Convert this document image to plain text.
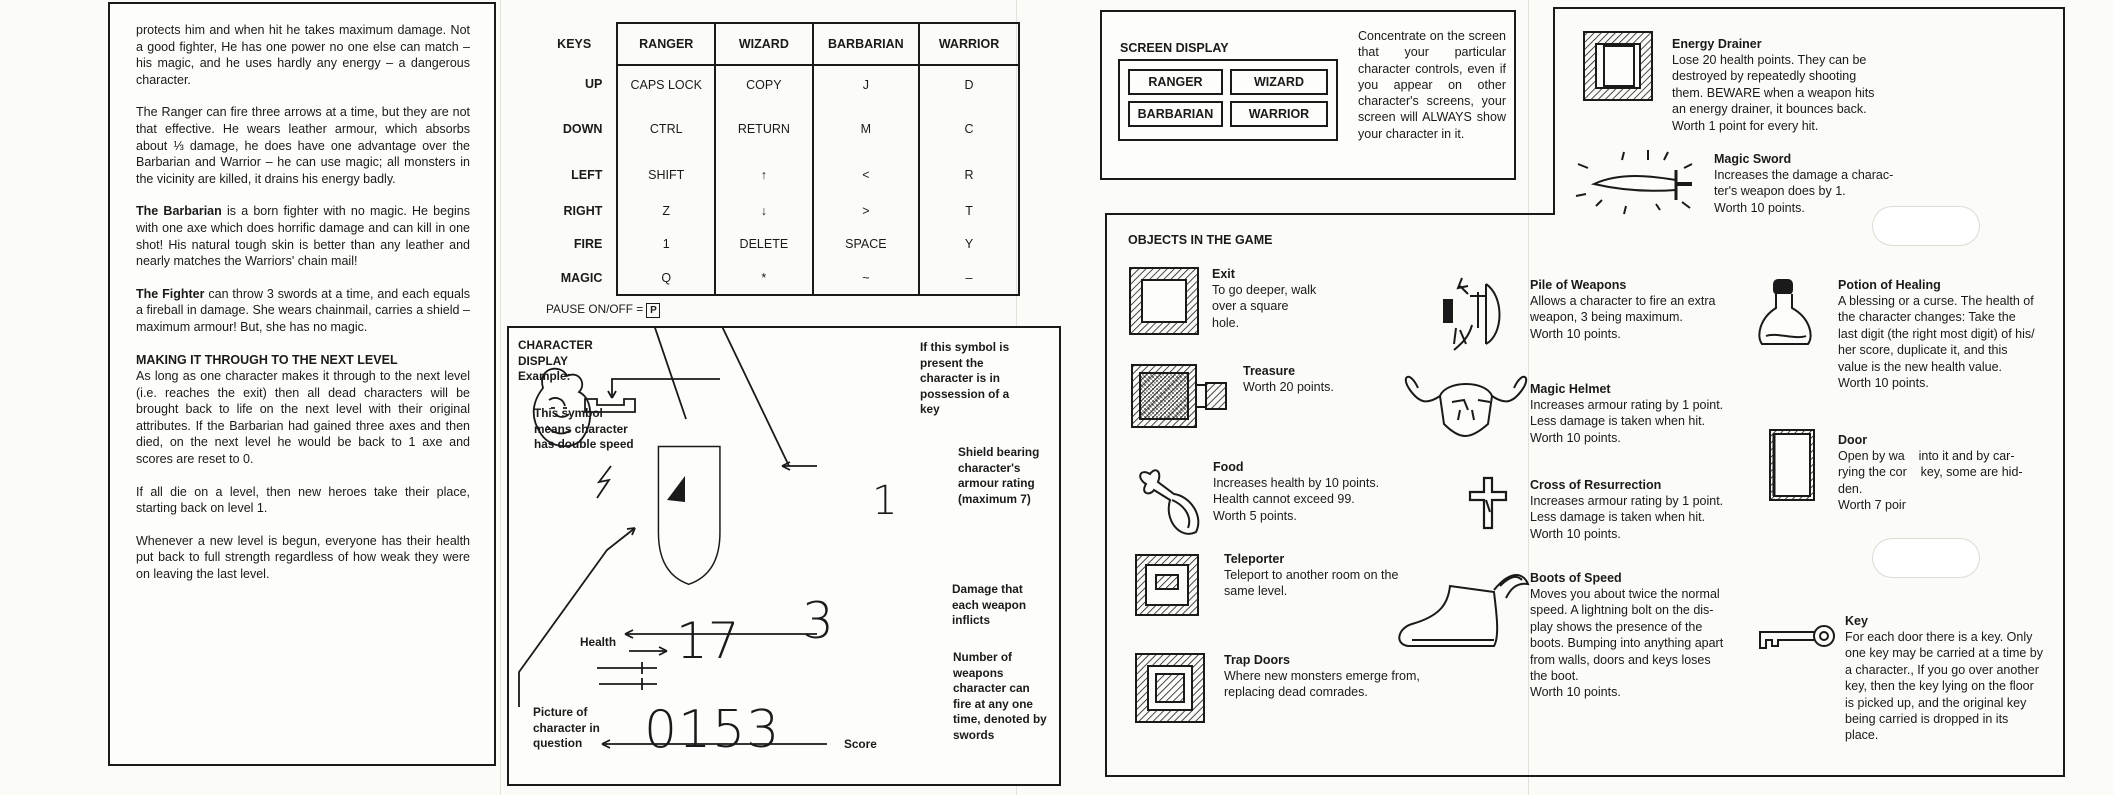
protects him and when hit he takes maximum damage. Not a good fighter, He has one power no one else can match – his magic, and he uses hardly any energy – a dangerous character.

The Ranger can fire three arrows at a time, but they are not that effective. He wears leather armour, which absorbs about ⅓ damage, he does have one advantage over the Barbarian and Warrior – he can use magic; all monsters in the vicinity are killed, it drains his energy badly.

The Barbarian is a born fighter with no magic. He begins with one axe which does horrific damage and can kill in one shot! His natural tough skin is better than any leather and nearly matches the Warriors' chain mail!

The Fighter can throw 3 swords at a time, and each equals a fireball in damage. She wears chainmail, carries a shield – maximum armour! But, she has no magic.

MAKING IT THROUGH TO THE NEXT LEVEL

As long as one character makes it through to the next level (i.e. reaches the exit) then all dead characters will be brought back to life on the next level with their original attributes. If the Barbarian had gained three axes and then died, on the next level he would be back to 1 axe and scores are reset to 0.

If all die on a level, then new heroes take their place, starting back on level 1.

Whenever a new level is begun, everyone has their health put back to full strength regardless of how weak they were on leaving the last level.

KEYS	RANGER	WIZARD	BARBARIAN	WARRIOR
UP	CAPS LOCK	COPY	J	D
DOWN	CTRL	RETURN	M	C
LEFT	SHIFT	↑	<	R
RIGHT	Z	↓	>	T
FIRE	1	DELETE	SPACE	Y
MAGIC	Q	*	~	–
PAUSE ON/OFF = P
CHARACTER
DISPLAY
Example:
This symbol
means character
has double speed
If this symbol is
present the
character is in
possession of a
key
Shield bearing
character's
armour rating
(maximum 7)
Damage that
each weapon
inflicts
Health
Number of
weapons
character can
fire at any one
time, denoted by
swords
Picture of
character in
question	Score
17 3
0153
1
SCREEN DISPLAY
RANGER	WIZARD
BARBARIAN	WARRIOR
Concentrate on the screen that your particular character controls, even if you appear on other character's screens, your screen will ALWAYS show your character in it.
OBJECTS IN THE GAME
Exit
To go deeper, walk
over a square
hole.
Treasure
Worth 20 points.
Food
Increases health by 10 points.
Health cannot exceed 99.
Worth 5 points.
Teleporter
Teleport to another room on the
same level.
Trap Doors
Where new monsters emerge from,
replacing dead comrades.
Pile of Weapons
Allows a character to fire an extra
weapon, 3 being maximum.
Worth 10 points.
Magic Helmet
Increases armour rating by 1 point.
Less damage is taken when hit.
Worth 10 points.
Cross of Resurrection
Increases armour rating by 1 point.
Less damage is taken when hit.
Worth 10 points.
Boots of Speed
Moves you about twice the normal
speed. A lightning bolt on the dis-
play shows the presence of the
boots. Bumping into anything apart
from walls, doors and keys loses
the boot.
Worth 10 points.
Energy Drainer
Lose 20 health points. They can be
destroyed by repeatedly shooting
them. BEWARE when a weapon hits
an energy drainer, it bounces back.
Worth 1 point for every hit.
Magic Sword
Increases the damage a charac-
ter's weapon does by 1.
Worth 10 points.
Potion of Healing
A blessing or a curse. The health of
the character changes: Take the
last digit (the right most digit) of his/
her score, duplicate it, and this
value is the new health value.
Worth 10 points.
Door
Open by wa    into it and by car-
rying the cor    key, some are hid-
den.
Worth 7 poir
Key
For each door there is a key. Only
one key may be carried at a time by
a character., If you go over another
key, then the key lying on the floor
is picked up, and the original key
being carried is dropped in its
place.
